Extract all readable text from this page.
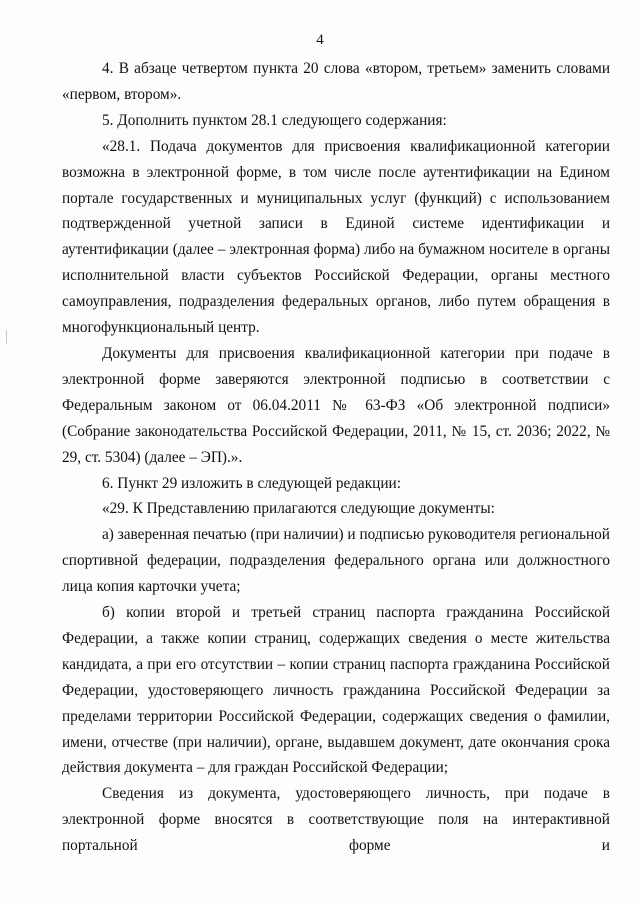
4

4. В абзаце четвертом пункта 20 слова «втором, третьем» заменить словами «первом, втором».

5. Дополнить пунктом 28.1 следующего содержания:

«28.1. Подача документов для присвоения квалификационной категории возможна в электронной форме, в том числе после аутентификации на Едином портале государственных и муниципальных услуг (функций) с использованием подтвержденной учетной записи в Единой системе идентификации и аутентификации (далее – электронная форма) либо на бумажном носителе в органы исполнительной власти субъектов Российской Федерации, органы местного самоуправления, подразделения федеральных органов, либо путем обращения в многофункциональный центр.

Документы для присвоения квалификационной категории при подаче в электронной форме заверяются электронной подписью в соответствии с Федеральным законом от 06.04.2011 № 63-ФЗ «Об электронной подписи» (Собрание законодательства Российской Федерации, 2011, № 15, ст. 2036; 2022, № 29, ст. 5304) (далее – ЭП).».

6. Пункт 29 изложить в следующей редакции:

«29. К Представлению прилагаются следующие документы:

а) заверенная печатью (при наличии) и подписью руководителя региональной спортивной федерации, подразделения федерального органа или должностного лица копия карточки учета;

б) копии второй и третьей страниц паспорта гражданина Российской Федерации, а также копии страниц, содержащих сведения о месте жительства кандидата, а при его отсутствии – копии страниц паспорта гражданина Российской Федерации, удостоверяющего личность гражданина Российской Федерации за пределами территории Российской Федерации, содержащих сведения о фамилии, имени, отчестве (при наличии), органе, выдавшем документ, дате окончания срока действия документа – для граждан Российской Федерации;

Сведения из документа, удостоверяющего личность, при подаче в электронной форме вносятся в соответствующие поля на интерактивной портальной форме и
